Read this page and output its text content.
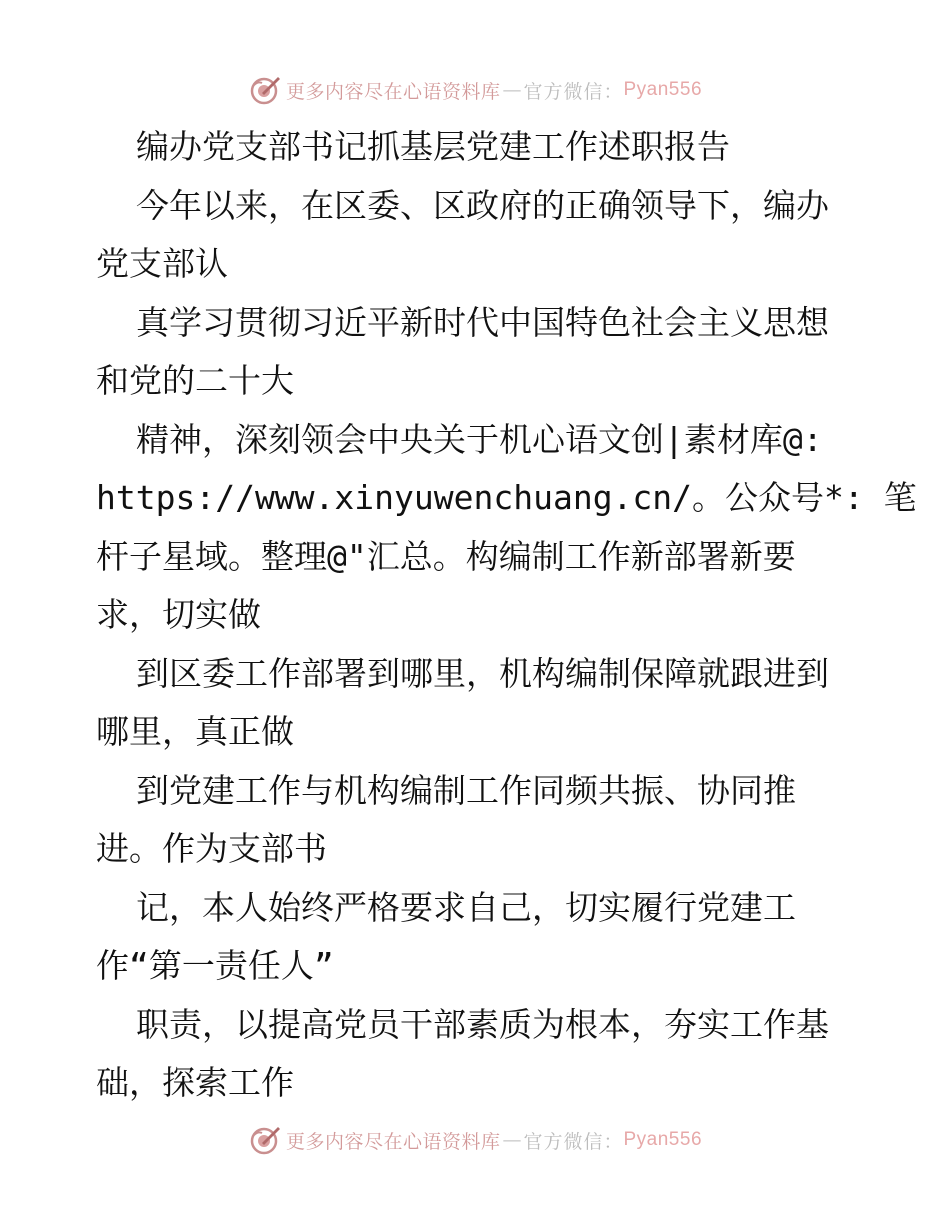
更多内容尽在心语资料库 — 官方微信： Pyan556
编办党支部书记抓基层党建工作述职报告
今年以来，在区委、区政府的正确领导下，编办
党支部认
真学习贯彻习近平新时代中国特色社会主义思想
和党的二十大
精神，深刻领会中央关于机心语文创|素材库@:
https://www.xinyuwenchuang.cn/。公众号*: 笔
杆子星域。整理@"汇总。构编制工作新部署新要
求，切实做
到区委工作部署到哪里，机构编制保障就跟进到
哪里，真正做
到党建工作与机构编制工作同频共振、协同推
进。作为支部书
记，本人始终严格要求自己，切实履行党建工
作“第一责任人”
职责，以提高党员干部素质为根本，夯实工作基
础，探索工作
更多内容尽在心语资料库 — 官方微信： Pyan556
